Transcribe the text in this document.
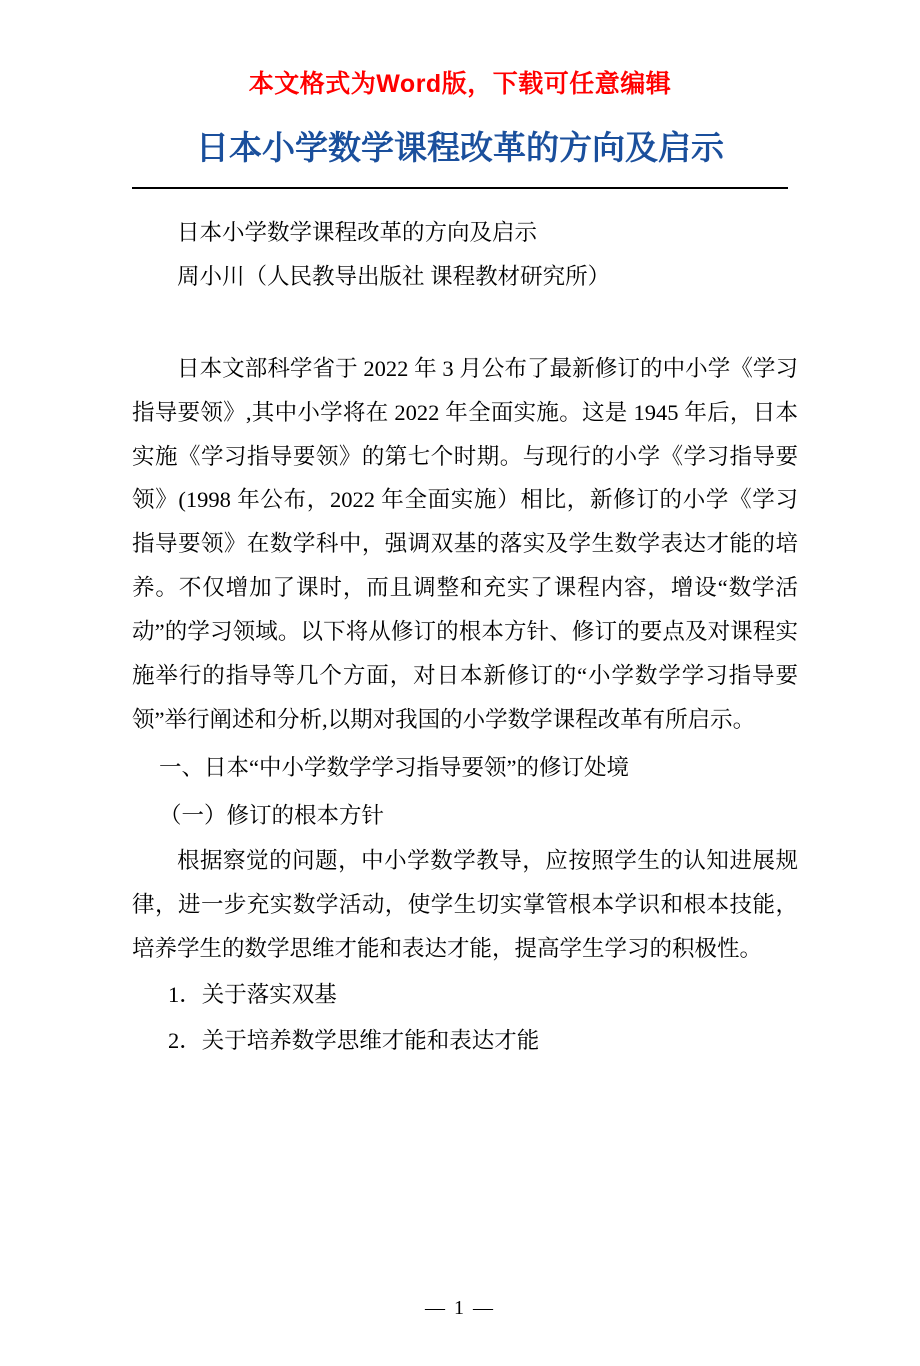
本文格式为Word版，下载可任意编辑
日本小学数学课程改革的方向及启示

日本小学数学课程改革的方向及启示

周小川（人民教导出版社 课程教材研究所）

日本文部科学省于 2022 年 3 月公布了最新修订的中小学《学习指导要领》,其中小学将在 2022 年全面实施。这是 1945 年后，日本实施《学习指导要领》的第七个时期。与现行的小学《学习指导要领》(1998 年公布，2022 年全面实施）相比，新修订的小学《学习指导要领》在数学科中，强调双基的落实及学生数学表达才能的培养。不仅增加了课时，而且调整和充实了课程内容，增设“数学活动”的学习领域。以下将从修订的根本方针、修订的要点及对课程实施举行的指导等几个方面，对日本新修订的“小学数学学习指导要领”举行阐述和分析,以期对我国的小学数学课程改革有所启示。

一、日本“中小学数学学习指导要领”的修订处境

（一）修订的根本方针

根据察觉的问题，中小学数学教导，应按照学生的认知进展规律，进一步充实数学活动，使学生切实掌管根本学识和根本技能，培养学生的数学思维才能和表达才能，提高学生学习的积极性。

1．关于落实双基

2．关于培养数学思维才能和表达才能

— 1 —
